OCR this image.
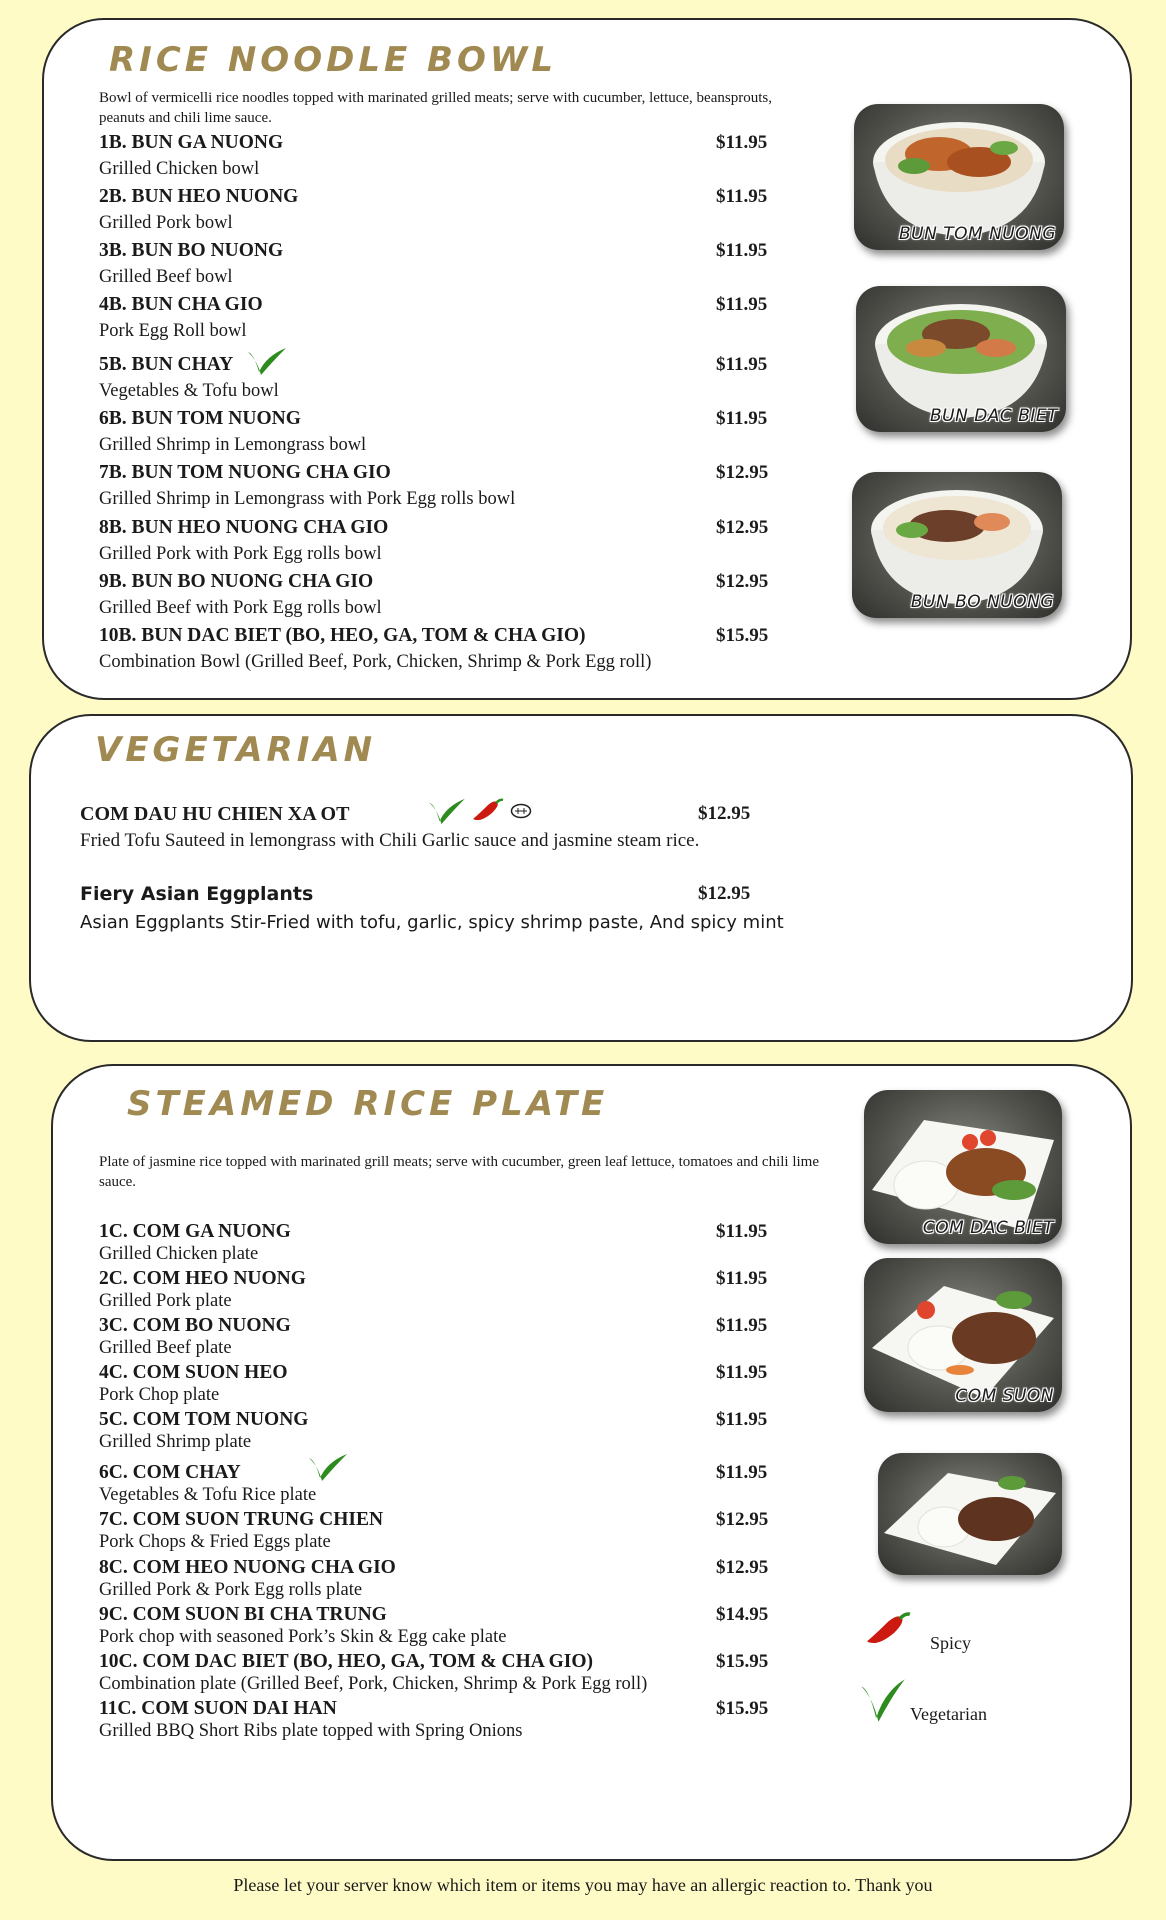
RICE NOODLE BOWL

Bowl of vermicelli rice noodles topped with marinated grilled meats; serve with cucumber, lettuce, beansprouts, peanuts and chili lime sauce.

1B. BUN GA NUONG	$11.95
Grilled Chicken bowl
2B. BUN HEO NUONG	$11.95
Grilled Pork bowl
3B. BUN BO NUONG	$11.95
Grilled Beef bowl
4B. BUN CHA GIO	$11.95
Pork Egg Roll bowl
5B. BUN CHAY	$11.95
Vegetables & Tofu bowl
6B. BUN TOM NUONG	$11.95
Grilled Shrimp in Lemongrass bowl
7B. BUN TOM NUONG CHA GIO	$12.95
Grilled Shrimp in Lemongrass with Pork Egg rolls bowl
8B. BUN HEO NUONG CHA GIO	$12.95
Grilled Pork with Pork Egg rolls bowl
9B. BUN BO NUONG CHA GIO	$12.95
Grilled Beef with Pork Egg rolls bowl
10B. BUN DAC BIET (BO, HEO, GA, TOM & CHA GIO)	$15.95
Combination Bowl (Grilled Beef, Pork, Chicken, Shrimp & Pork Egg roll)
BUN TOM NUONG
BUN DAC BIET
BUN BO NUONG
VEGETARIAN
COM DAU HU CHIEN XA OT	$12.95
Fried Tofu Sauteed in lemongrass with Chili Garlic sauce and jasmine steam rice.
Fiery Asian Eggplants	$12.95
Asian Eggplants Stir-Fried with tofu, garlic, spicy shrimp paste, And spicy mint
STEAMED RICE PLATE

Plate of jasmine rice topped with marinated grill meats; serve with cucumber, green leaf lettuce, tomatoes and chili lime sauce.

1C. COM GA NUONG	$11.95
Grilled Chicken plate
2C. COM HEO NUONG	$11.95
Grilled Pork plate
3C. COM BO NUONG	$11.95
Grilled Beef plate
4C. COM SUON HEO	$11.95
Pork Chop plate
5C. COM TOM NUONG	$11.95
Grilled Shrimp plate
6C. COM CHAY	$11.95
Vegetables & Tofu Rice plate
7C. COM SUON TRUNG CHIEN	$12.95
Pork Chops & Fried Eggs plate
8C. COM HEO NUONG CHA GIO	$12.95
Grilled Pork & Pork Egg rolls plate
9C. COM SUON BI CHA TRUNG	$14.95
Pork chop with seasoned Pork’s Skin & Egg cake plate
10C. COM DAC BIET (BO, HEO, GA, TOM & CHA GIO)	$15.95
Combination plate (Grilled Beef, Pork, Chicken, Shrimp & Pork Egg roll)
11C. COM SUON DAI HAN	$15.95
Grilled BBQ Short Ribs plate topped with Spring Onions
COM DAC BIET
COM SUON
Spicy
Vegetarian
Please let your server know which item or items you may have an allergic reaction to. Thank you
